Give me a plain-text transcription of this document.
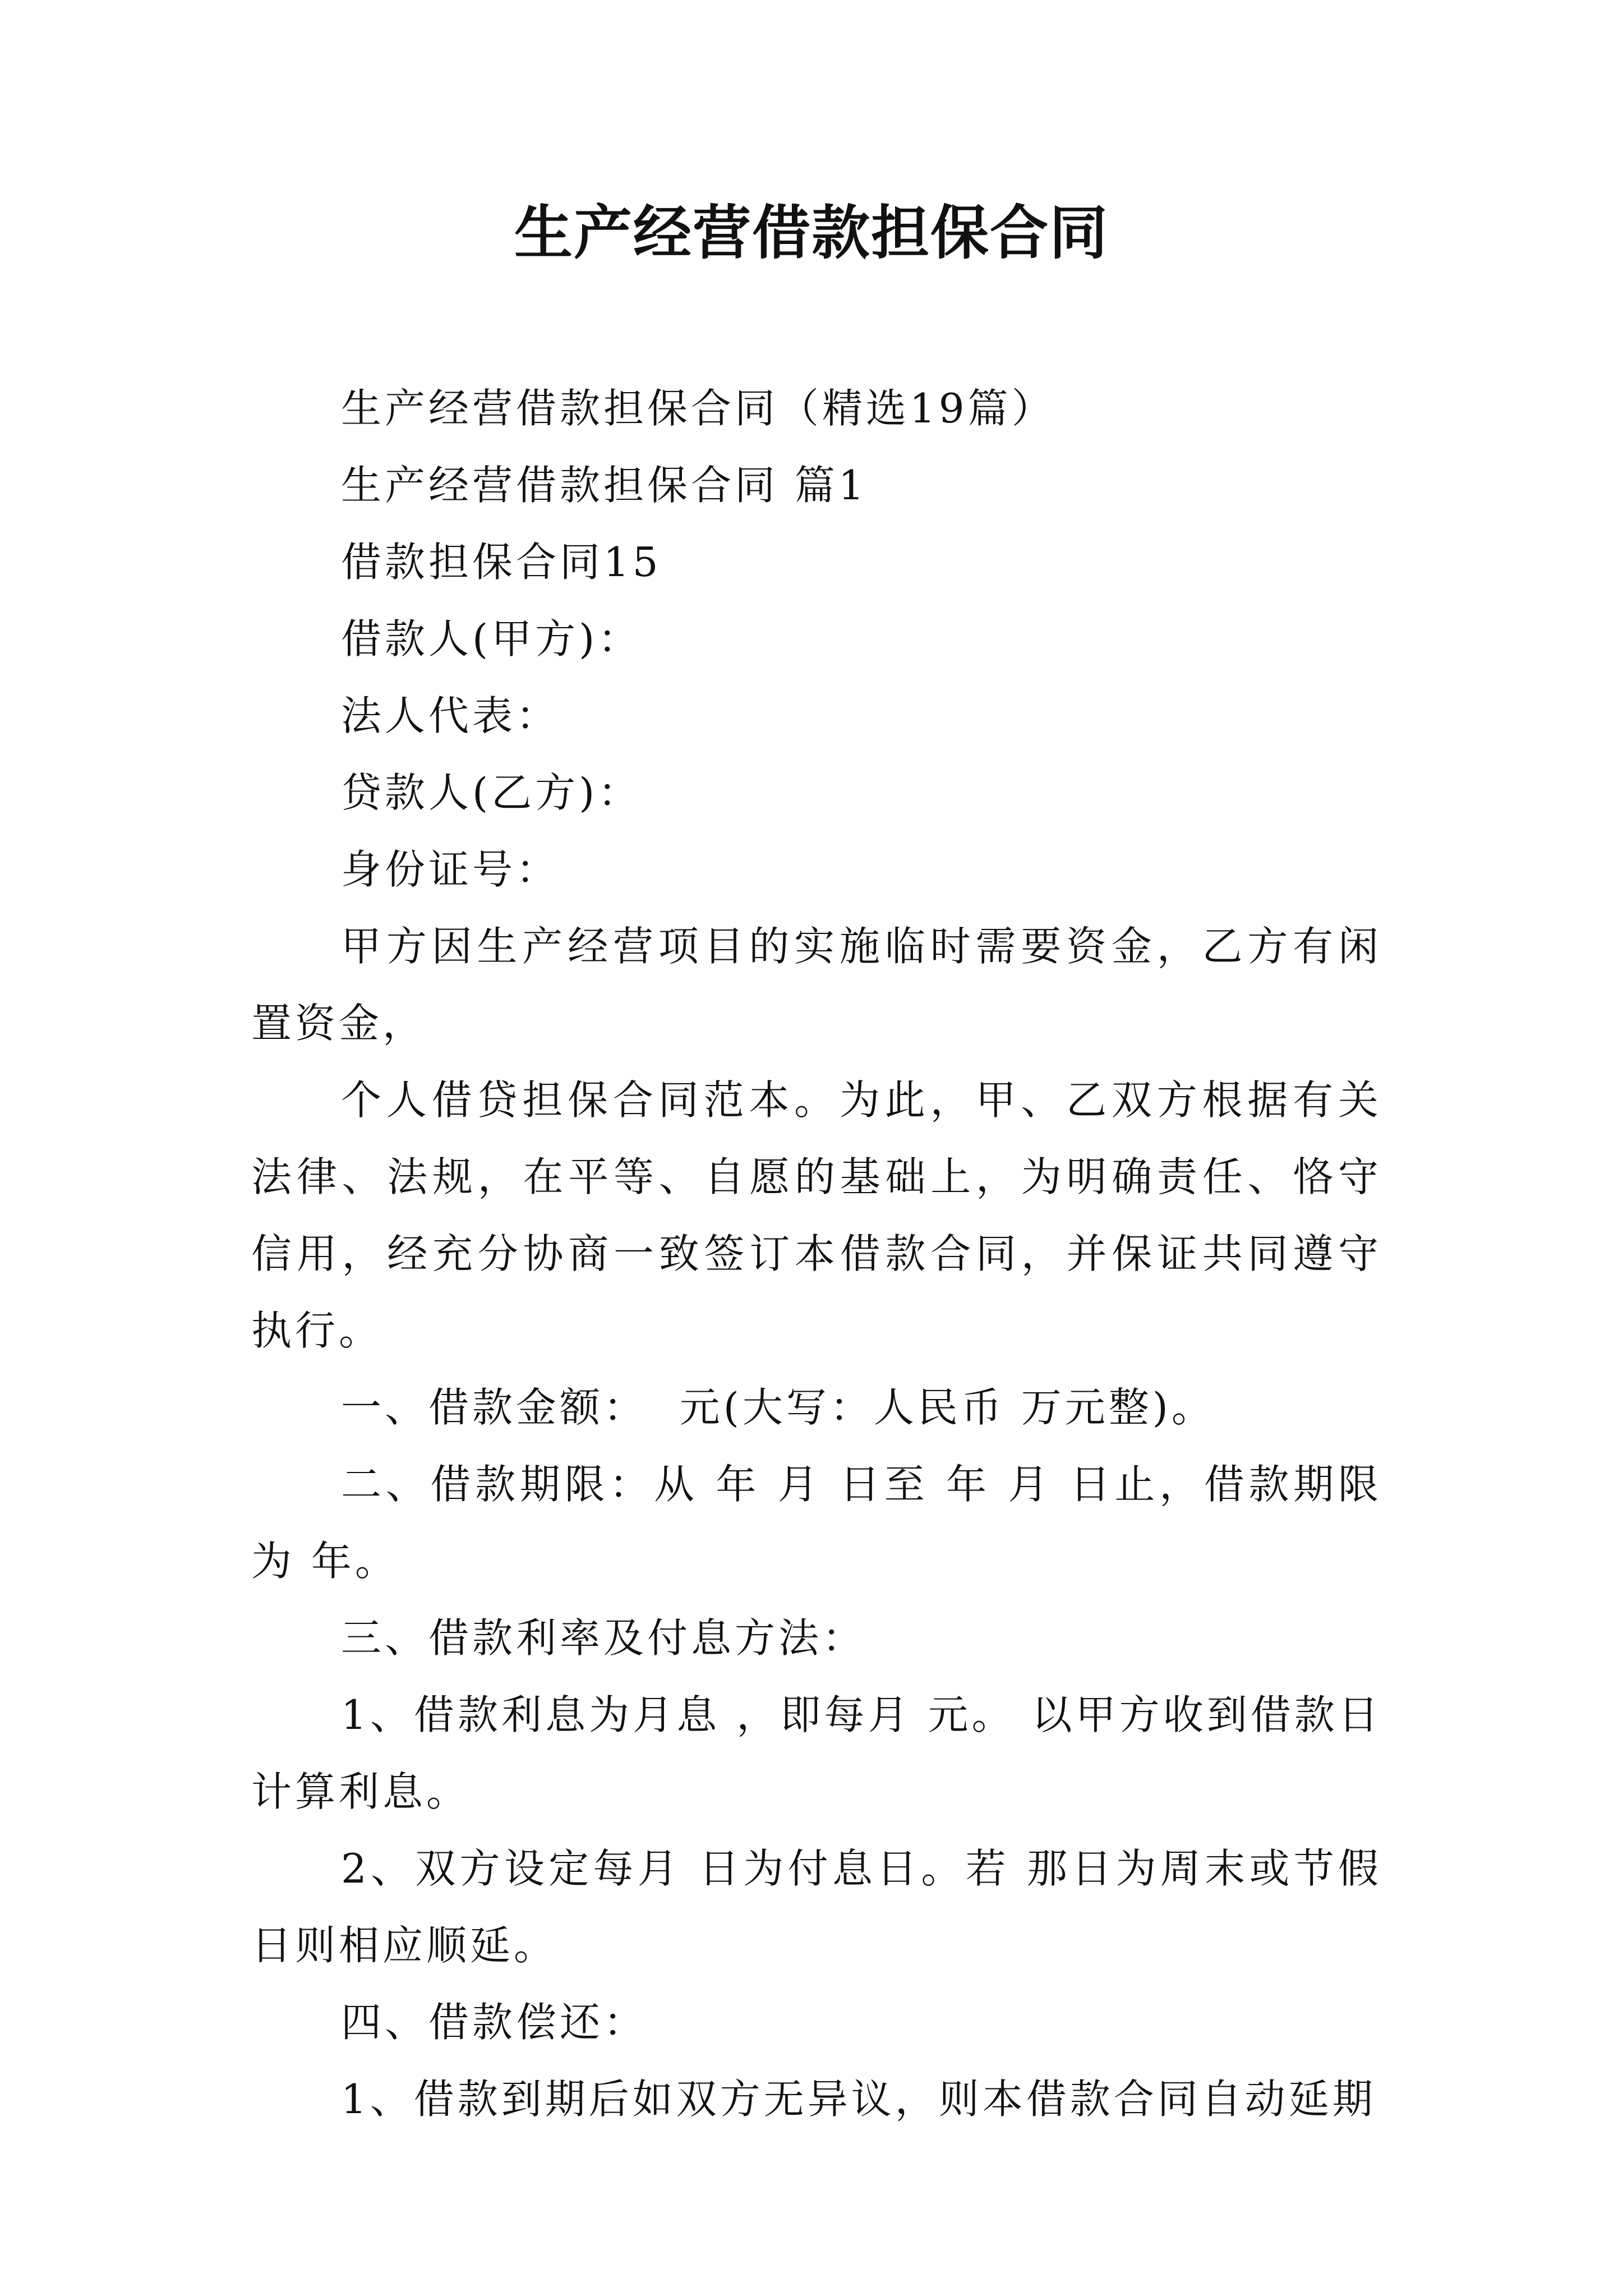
生产经营借款担保合同

生产经营借款担保合同（精选19篇）

生产经营借款担保合同 篇1

借款担保合同15

借款人(甲方)：

法人代表：

贷款人(乙方)：

身份证号：

甲方因生产经营项目的实施临时需要资金，乙方有闲置资金，

个人借贷担保合同范本。为此，甲、乙双方根据有关法律、法规，在平等、自愿的基础上，为明确责任、恪守信用，经充分协商一致签订本借款合同，并保证共同遵守执行。

一、借款金额：  元(大写：人民币 万元整)。

二、借款期限：从 年 月 日至 年 月 日止，借款期限为 年。

三、借款利率及付息方法：

1、借款利息为月息 ，即每月 元。 以甲方收到借款日计算利息。

2、双方设定每月 日为付息日。若 那日为周末或节假日则相应顺延。

四、借款偿还：

1、借款到期后如双方无异议，则本借款合同自动延期
